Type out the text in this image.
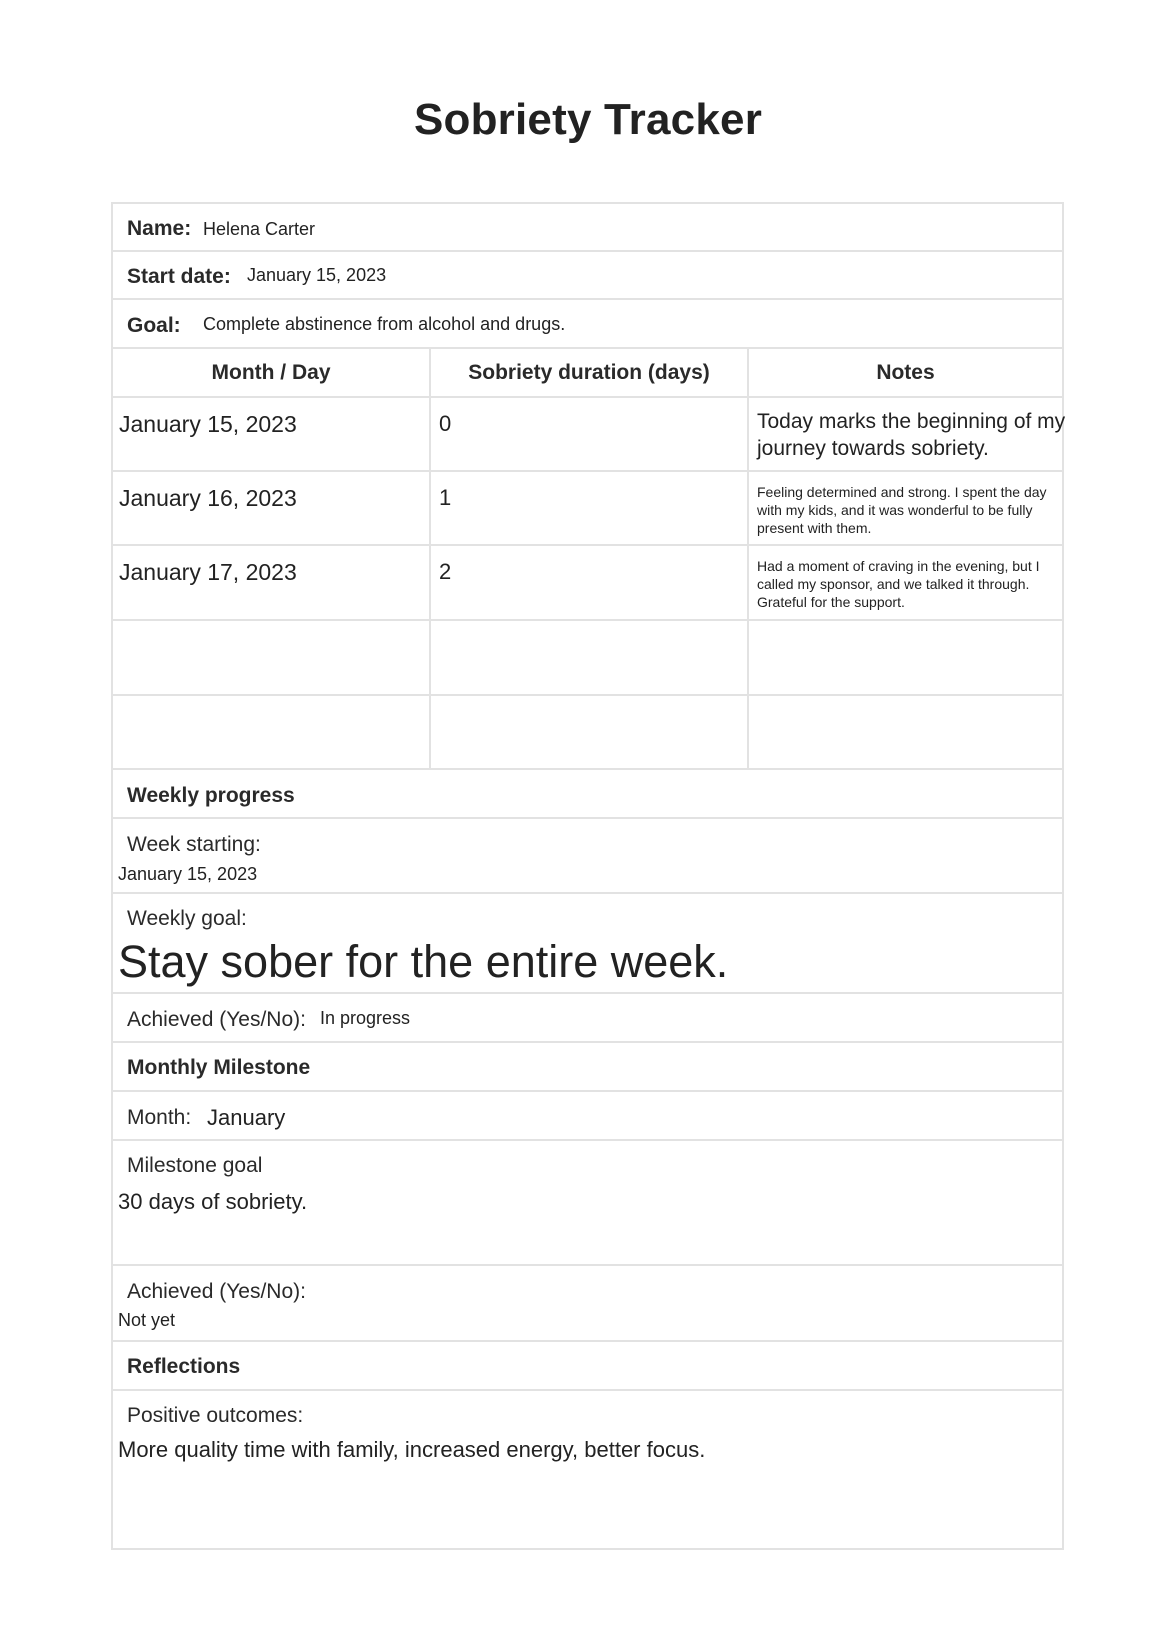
Sobriety Tracker
Name: Helena Carter
Start date: January 15, 2023
Goal: Complete abstinence from alcohol and drugs.
Month / Day	Sobriety duration (days)	Notes
January 15, 2023	0	Today marks the beginning of my journey towards sobriety.
January 16, 2023	1	Feeling determined and strong. I spent the day with my kids, and it was wonderful to be fully present with them.
January 17, 2023	2	Had a moment of craving in the evening, but I called my sponsor, and we talked it through. Grateful for the support.
Weekly progress
Week starting:
January 15, 2023
Weekly goal:
Stay sober for the entire week.
Achieved (Yes/No): In progress
Monthly Milestone
Month: January
Milestone goal
30 days of sobriety.
Achieved (Yes/No):
Not yet
Reflections
Positive outcomes:
More quality time with family, increased energy, better focus.
